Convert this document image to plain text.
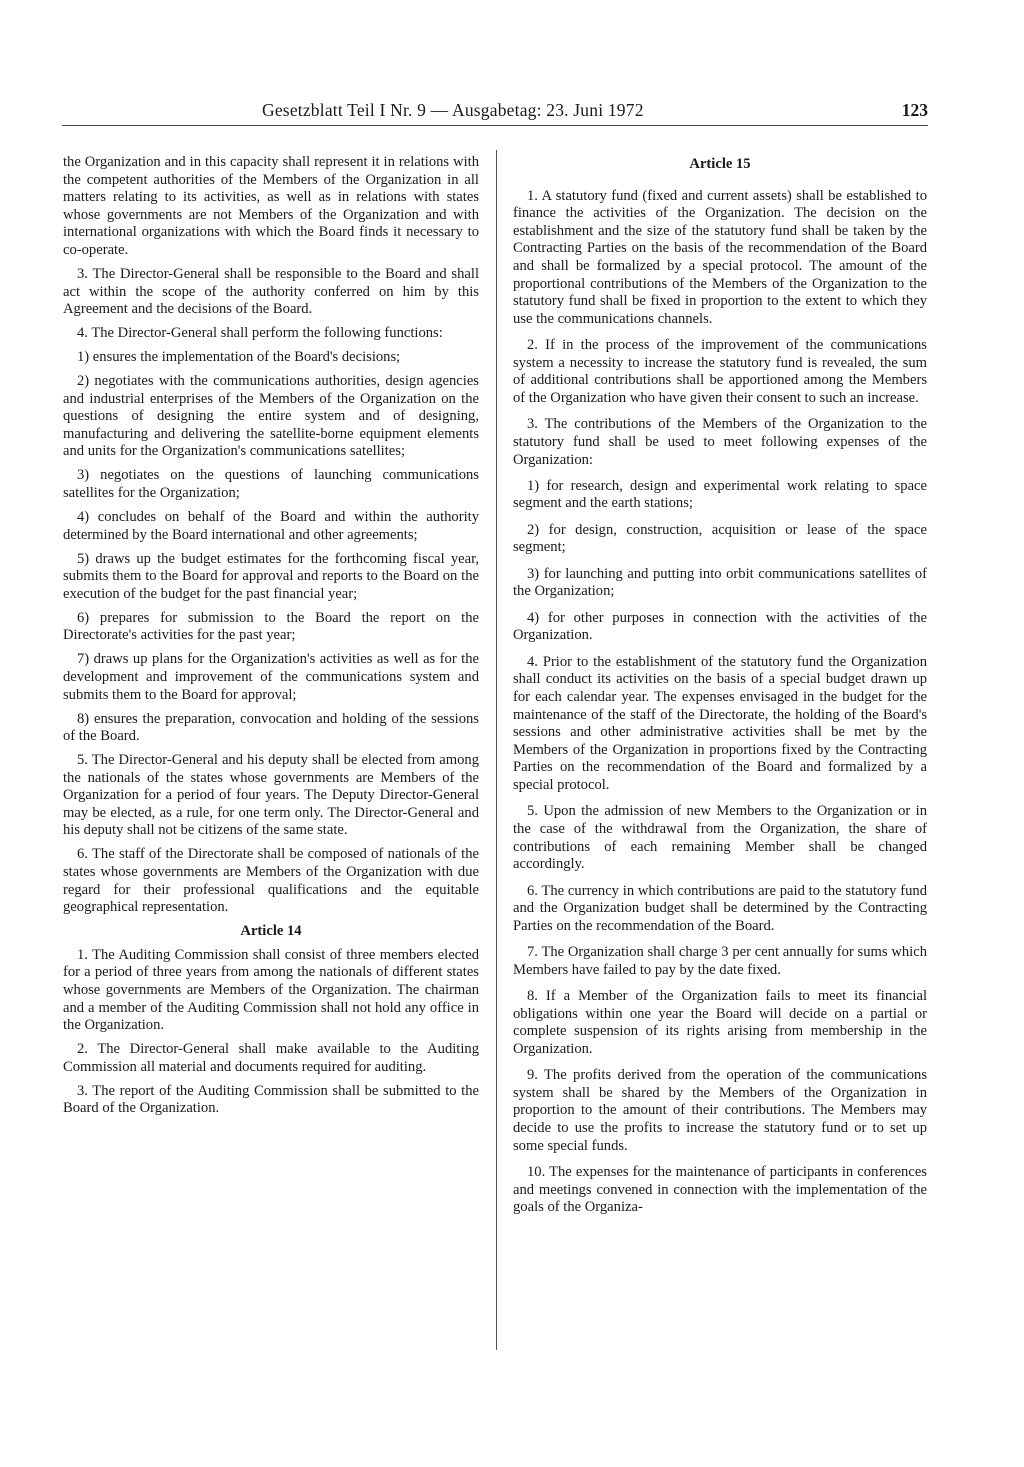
Gesetzblatt Teil I Nr. 9 — Ausgabetag: 23. Juni 1972	123

the Organization and in this capacity shall represent it in relations with the competent authorities of the Members of the Organization in all matters relating to its activities, as well as in relations with states whose governments are not Members of the Organization and with international organizations with which the Board finds it necessary to co-operate.

3. The Director-General shall be responsible to the Board and shall act within the scope of the authority conferred on him by this Agreement and the decisions of the Board.

4. The Director-General shall perform the following functions:

1) ensures the implementation of the Board's decisions;

2) negotiates with the communications authorities, design agencies and industrial enterprises of the Members of the Organization on the questions of designing the entire system and of designing, manufacturing and delivering the satellite-borne equipment elements and units for the Organization's communications satellites;

3) negotiates on the questions of launching communications satellites for the Organization;

4) concludes on behalf of the Board and within the authority determined by the Board international and other agreements;

5) draws up the budget estimates for the forthcoming fiscal year, submits them to the Board for approval and reports to the Board on the execution of the budget for the past financial year;

6) prepares for submission to the Board the report on the Directorate's activities for the past year;

7) draws up plans for the Organization's activities as well as for the development and improvement of the communications system and submits them to the Board for approval;

8) ensures the preparation, convocation and holding of the sessions of the Board.

5. The Director-General and his deputy shall be elected from among the nationals of the states whose governments are Members of the Organization for a period of four years. The Deputy Director-General may be elected, as a rule, for one term only. The Director-General and his deputy shall not be citizens of the same state.

6. The staff of the Directorate shall be composed of nationals of the states whose governments are Members of the Organization with due regard for their professional qualifications and the equitable geographical representation.

Article 14

1. The Auditing Commission shall consist of three members elected for a period of three years from among the nationals of different states whose governments are Members of the Organization. The chairman and a member of the Auditing Commission shall not hold any office in the Organization.

2. The Director-General shall make available to the Auditing Commission all material and documents required for auditing.

3. The report of the Auditing Commission shall be submitted to the Board of the Organization.

Article 15

1. A statutory fund (fixed and current assets) shall be established to finance the activities of the Organization. The decision on the establishment and the size of the statutory fund shall be taken by the Contracting Parties on the basis of the recommendation of the Board and shall be formalized by a special protocol. The amount of the proportional contributions of the Members of the Organization to the statutory fund shall be fixed in proportion to the extent to which they use the communications channels.

2. If in the process of the improvement of the communications system a necessity to increase the statutory fund is revealed, the sum of additional contributions shall be apportioned among the Members of the Organization who have given their consent to such an increase.

3. The contributions of the Members of the Organization to the statutory fund shall be used to meet following expenses of the Organization:

1) for research, design and experimental work relating to space segment and the earth stations;

2) for design, construction, acquisition or lease of the space segment;

3) for launching and putting into orbit communications satellites of the Organization;

4) for other purposes in connection with the activities of the Organization.

4. Prior to the establishment of the statutory fund the Organization shall conduct its activities on the basis of a special budget drawn up for each calendar year. The expenses envisaged in the budget for the maintenance of the staff of the Directorate, the holding of the Board's sessions and other administrative activities shall be met by the Members of the Organization in proportions fixed by the Contracting Parties on the recommendation of the Board and formalized by a special protocol.

5. Upon the admission of new Members to the Organization or in the case of the withdrawal from the Organization, the share of contributions of each remaining Member shall be changed accordingly.

6. The currency in which contributions are paid to the statutory fund and the Organization budget shall be determined by the Contracting Parties on the recommendation of the Board.

7. The Organization shall charge 3 per cent annually for sums which Members have failed to pay by the date fixed.

8. If a Member of the Organization fails to meet its financial obligations within one year the Board will decide on a partial or complete suspension of its rights arising from membership in the Organization.

9. The profits derived from the operation of the communications system shall be shared by the Members of the Organization in proportion to the amount of their contributions. The Members may decide to use the profits to increase the statutory fund or to set up some special funds.

10. The expenses for the maintenance of participants in conferences and meetings convened in connection with the implementation of the goals of the Organiza-
